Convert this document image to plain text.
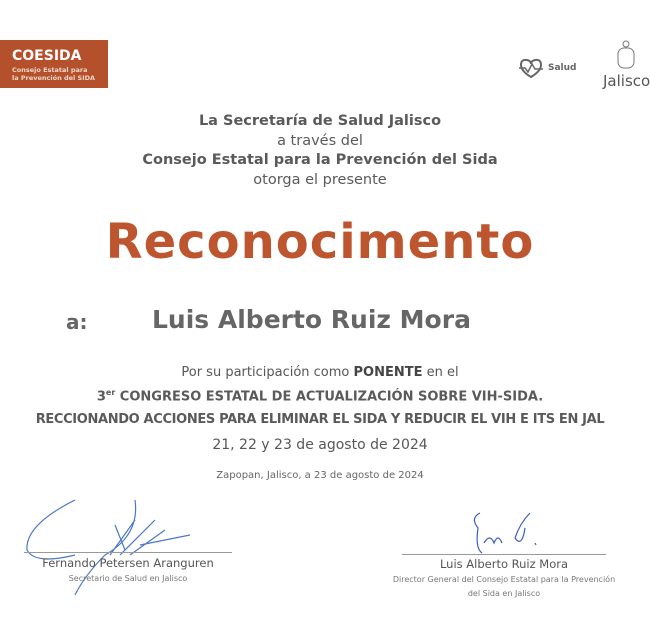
COESIDA
Consejo Estatal para
la Prevención del SIDA
Salud
Jalisco
La Secretaría de Salud Jalisco
a través del
Consejo Estatal para la Prevención del Sida
otorga el presente
Reconocimento
a:	Luis Alberto Ruiz Mora
Por su participación como PONENTE en el
3er CONGRESO ESTATAL DE ACTUALIZACIÓN SOBRE VIH-SIDA.
RECCIONANDO ACCIONES PARA ELIMINAR EL SIDA Y REDUCIR EL VIH E ITS EN JAL
21, 22 y 23 de agosto de 2024
Zapopan, Jalisco, a 23 de agosto de 2024
Fernando Petersen Aranguren
Secretario de Salud en Jalisco
Luis Alberto Ruiz Mora
Director General del Consejo Estatal para la Prevención
del Sida en Jalisco
